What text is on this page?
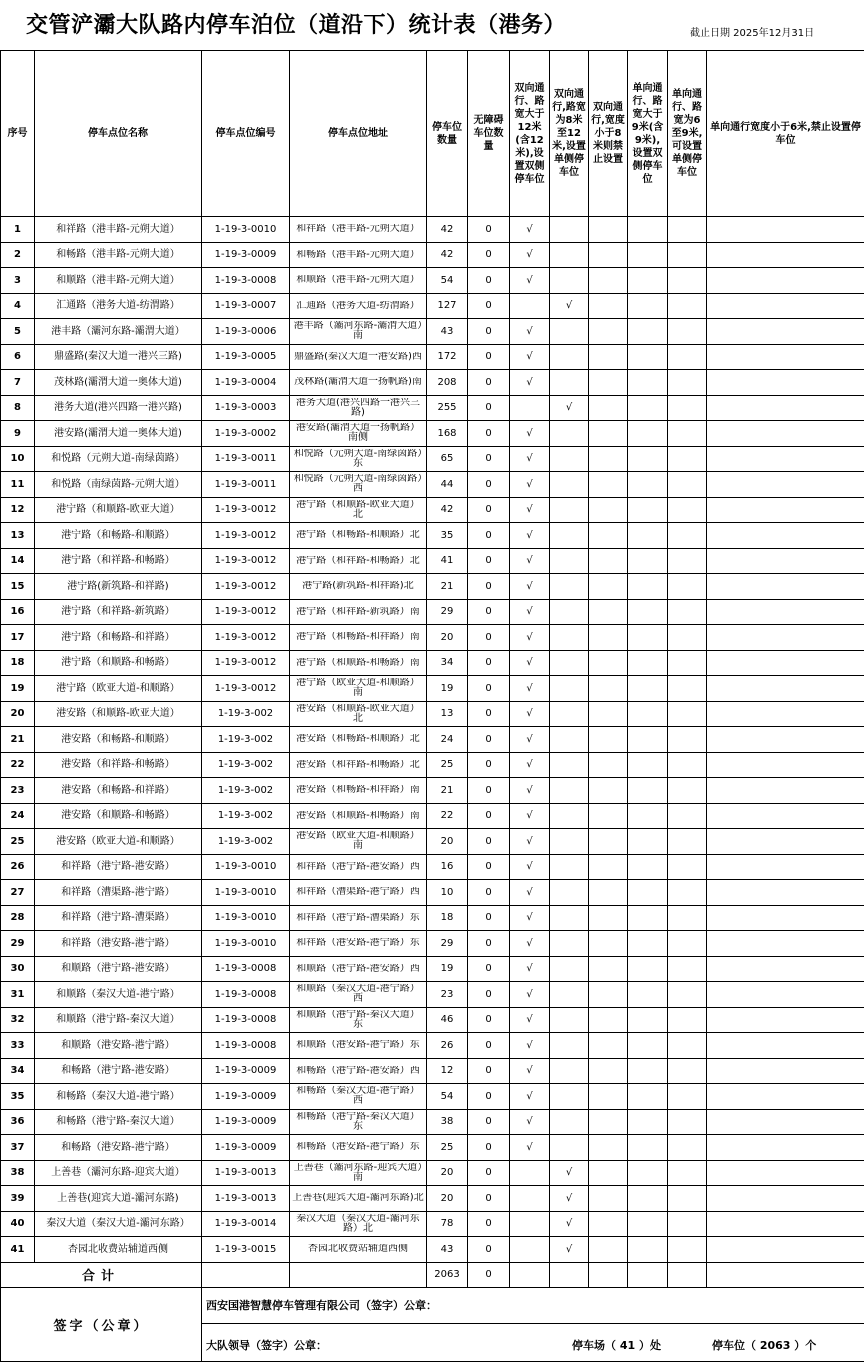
交管浐灞大队路内停车泊位（道沿下）统计表（港务）	截止日期 2025年12月31日
序号	停车点位名称	停车点位编号	停车点位地址	停车位数量	无障碍车位数量	双向通行、路宽大于12米(含12米),设置双侧停车位	双向通行,路宽为8米至12米,设置单侧停车位	双向通行,宽度小于8米则禁止设置	单向通行、路宽大于9米(含9米),设置双侧停车位	单向通行、路宽为6至9米,可设置单侧停车位	单向通行宽度小于6米,禁止设置停车位

1	和祥路（港丰路-元朔大道）	1-19-3-0010	和祥路（港丰路-元朔大道）	42	0	√					
2	和畅路（港丰路-元朔大道）	1-19-3-0009	和畅路（港丰路-元朔大道）	42	0	√					
3	和顺路（港丰路-元朔大道）	1-19-3-0008	和顺路（港丰路-元朔大道）	54	0	√					
4	汇通路（港务大道-纺渭路）	1-19-3-0007	汇通路（港务大道-纺渭路）	127	0		√				
5	港丰路（灞河东路-灞渭大道）	1-19-3-0006	港丰路（灞河东路-灞渭大道）南	43	0	√					
6	鼎盛路(秦汉大道一港兴三路)	1-19-3-0005	鼎盛路(秦汉大道一港安路)西	172	0	√					
7	茂林路(灞渭大道一奥体大道)	1-19-3-0004	茂林路(灞渭大道一扬帆路)南	208	0	√					
8	港务大道(港兴四路一港兴路)	1-19-3-0003	港务大道(港兴四路一港兴三路)	255	0		√				
9	港安路(灞渭大道一奥体大道)	1-19-3-0002	港安路(灞渭大道一扬帆路）南侧	168	0	√					
10	和悦路（元朔大道-南绿茵路）	1-19-3-0011	和悦路（元朔大道-南绿茵路）东	65	0	√					
11	和悦路（南绿茵路-元朔大道）	1-19-3-0011	和悦路（元朔大道-南绿茵路）西	44	0	√					
12	港宁路（和顺路-欧亚大道）	1-19-3-0012	港宁路（和顺路-欧亚大道）北	42	0	√					
13	港宁路（和畅路-和顺路）	1-19-3-0012	港宁路（和畅路-和顺路）北	35	0	√					
14	港宁路（和祥路-和畅路）	1-19-3-0012	港宁路（和祥路-和畅路）北	41	0	√					
15	港宁路(新筑路-和祥路)	1-19-3-0012	港宁路(新筑路-和祥路)北	21	0	√					
16	港宁路（和祥路-新筑路）	1-19-3-0012	港宁路（和祥路-新筑路）南	29	0	√					
17	港宁路（和畅路-和祥路）	1-19-3-0012	港宁路（和畅路-和祥路）南	20	0	√					
18	港宁路（和顺路-和畅路）	1-19-3-0012	港宁路（和顺路-和畅路）南	34	0	√					
19	港宁路（欧亚大道-和顺路）	1-19-3-0012	港宁路（欧亚大道-和顺路）南	19	0	√					
20	港安路（和顺路-欧亚大道）	1-19-3-002	港安路（和顺路-欧亚大道）北	13	0	√					
21	港安路（和畅路-和顺路）	1-19-3-002	港安路（和畅路-和顺路）北	24	0	√					
22	港安路（和祥路-和畅路）	1-19-3-002	港安路（和祥路-和畅路）北	25	0	√					
23	港安路（和畅路-和祥路）	1-19-3-002	港安路（和畅路-和祥路）南	21	0	√					
24	港安路（和顺路-和畅路）	1-19-3-002	港安路（和顺路-和畅路）南	22	0	√					
25	港安路（欧亚大道-和顺路）	1-19-3-002	港安路（欧亚大道-和顺路）南	20	0	√					
26	和祥路（港宁路-港安路）	1-19-3-0010	和祥路（港宁路-港安路）西	16	0	√					
27	和祥路（漕渠路-港宁路）	1-19-3-0010	和祥路（漕渠路-港宁路）西	10	0	√					
28	和祥路（港宁路-漕渠路）	1-19-3-0010	和祥路（港宁路-漕渠路）东	18	0	√					
29	和祥路（港安路-港宁路）	1-19-3-0010	和祥路（港安路-港宁路）东	29	0	√					
30	和顺路（港宁路-港安路）	1-19-3-0008	和顺路（港宁路-港安路）西	19	0	√					
31	和顺路（秦汉大道-港宁路）	1-19-3-0008	和顺路（秦汉大道-港宁路）西	23	0	√					
32	和顺路（港宁路-秦汉大道）	1-19-3-0008	和顺路（港宁路-秦汉大道）东	46	0	√					
33	和顺路（港安路-港宁路）	1-19-3-0008	和顺路（港安路-港宁路）东	26	0	√					
34	和畅路（港宁路-港安路）	1-19-3-0009	和畅路（港宁路-港安路）西	12	0	√					
35	和畅路（秦汉大道-港宁路）	1-19-3-0009	和畅路（秦汉大道-港宁路）西	54	0	√					
36	和畅路（港宁路-秦汉大道）	1-19-3-0009	和畅路（港宁路-秦汉大道）东	38	0	√					
37	和畅路（港安路-港宁路）	1-19-3-0009	和畅路（港安路-港宁路）东	25	0	√					
38	上善巷（灞河东路-迎宾大道）	1-19-3-0013	上善巷（灞河东路-迎宾大道）南	20	0		√				
39	上善巷(迎宾大道-灞河东路)	1-19-3-0013	上善巷(迎宾大道-灞河东路)北	20	0		√				
40	秦汉大道（秦汉大道-灞河东路）	1-19-3-0014	秦汉大道（秦汉大道-灞河东路）北	78	0		√				
41	杏园北收费站辅道西侧	1-19-3-0015	杏园北收费站辅道西侧	43	0		√				
合计				2063	0						
签字（公章）
西安国港智慧停车管理有限公司（签字）公章：
大队领导（签字）公章：	停车场（ 41 ）处	停车位（ 2063 ）个
